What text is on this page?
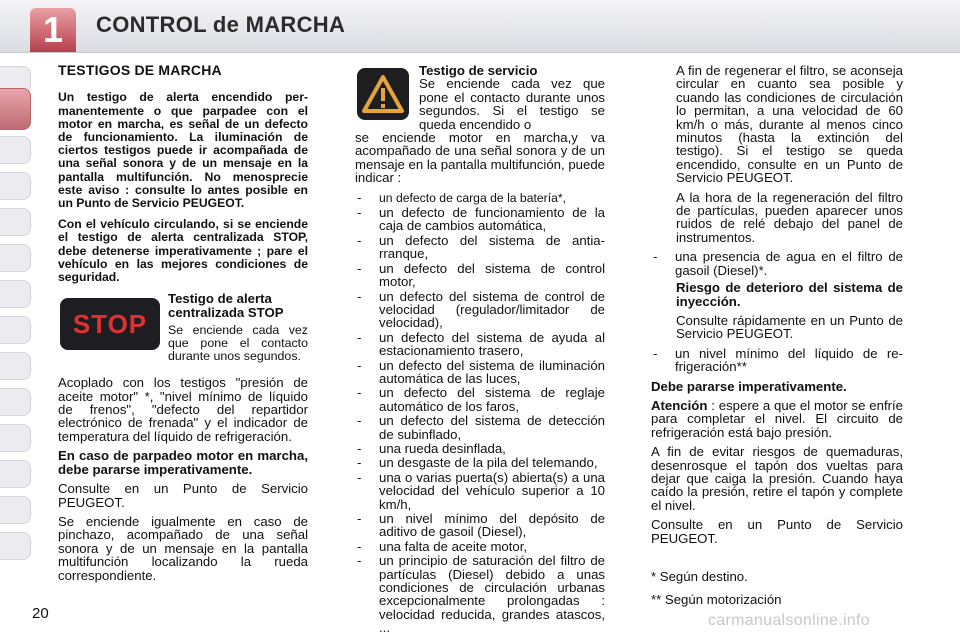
1	CONTROL de MARCHA
TESTIGOS DE MARCHA
Un testigo de alerta encendido permanentemente o que parpadee con el motor en marcha, es señal de un defecto de funcionamiento. La iluminación de ciertos testigos puede ir acompañada de una señal sonora y de un mensaje en la pantalla multifunción. No menosprecie este aviso : consulte lo antes posible en un Punto de Servicio PEUGEOT.
Con el vehículo circulando, si se enciende el testigo de alerta centralizada STOP, debe detenerse imperativamente ; pare el vehículo en las mejores condiciones de seguridad.
STOP
Testigo de alerta centralizada STOP
Se enciende cada vez que pone el contacto durante unos segundos.

Acoplado con los testigos "presión de aceite motor" *, "nivel mínimo de líquido de frenos", "defecto del repartidor electrónico de frenada" y el indicador de temperatura del líquido de refrigeración.

En caso de parpadeo motor en marcha, debe pararse imperativamente.

Consulte en un Punto de Servicio PEUGEOT.

Se enciende igualmente en caso de pinchazo, acompañado de una señal sonora y de un mensaje en la pantalla multifunción localizando la rueda correspondiente.

Testigo de servicio
Se enciende cada vez que pone el contacto durante unos segundos. Si el testigo se queda encendido o

se enciende motor en marcha,y va acompañado de una señal sonora y de un mensaje en la pantalla multifunción, puede indicar :

- un defecto de carga de la batería*,
- un defecto de funcionamiento de la caja de cambios automática,
- un defecto del sistema de antiarranque,
- un defecto del sistema de control motor,
- un defecto del sistema de control de velocidad (regulador/limitador de velocidad),
- un defecto del sistema de ayuda al estacionamiento trasero,
- un defecto del sistema de iluminación automática de las luces,
- un defecto del sistema de reglaje automático de los faros,
- un defecto del sistema de detección de subinflado,
- una rueda desinflada,
- un desgaste de la pila del telemando,
- una o varias puerta(s) abierta(s) a una velocidad del vehículo superior a 10 km/h,
- un nivel mínimo del depósito de aditivo de gasoil (Diesel),
- una falta de aceite motor,
- un principio de saturación del filtro de partículas (Diesel) debido a unas condiciones de circulación urbanas excepcionalmente prolongadas : velocidad reducida, grandes atascos, ...

A fin de regenerar el filtro, se aconseja circular en cuanto sea posible y cuando las condiciones de circulación lo permitan, a una velocidad de 60 km/h o más, durante al menos cinco minutos (hasta la extinción del testigo). Si el testigo se queda encendido, consulte en un Punto de Servicio PEUGEOT.

A la hora de la regeneración del filtro de partículas, pueden aparecer unos ruidos de relé debajo del panel de instrumentos.

- una presencia de agua en el filtro de gasoil (Diesel)*.

Riesgo de deterioro del sistema de inyección.

Consulte rápidamente en un Punto de Servicio PEUGEOT.

- un nivel mínimo del líquido de refrigeración**

Debe pararse imperativamente.

Atención : espere a que el motor se enfríe para completar el nivel. El circuito de refrigeración está bajo presión.

A fin de evitar riesgos de quemaduras, desenrosque el tapón dos vueltas para dejar que caiga la presión. Cuando haya caído la presión, retire el tapón y complete el nivel.

Consulte en un Punto de Servicio PEUGEOT.

* Según destino.

** Según motorización

20	carmanualsonline.info
